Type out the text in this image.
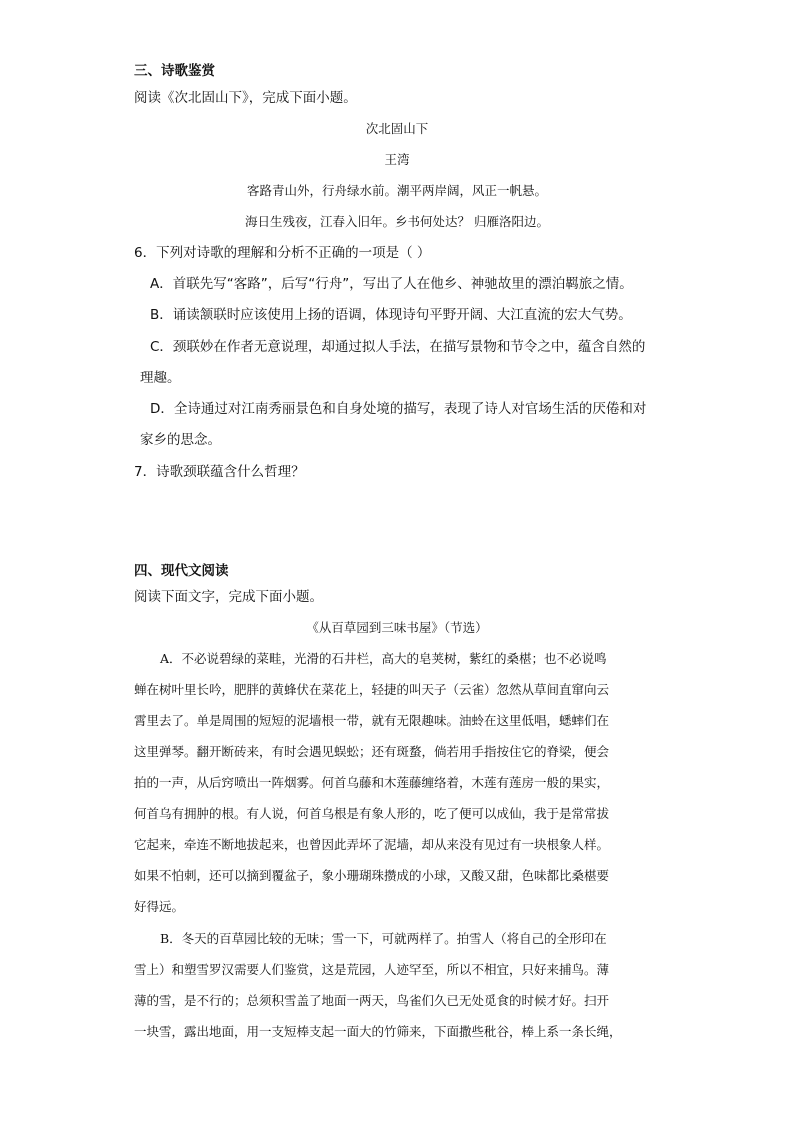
三、诗歌鉴赏
阅读《次北固山下》，完成下面小题。
次北固山下
王湾
客路青山外，行舟绿水前。潮平两岸阔，风正一帆悬。
海日生残夜，江春入旧年。乡书何处达？ 归雁洛阳边。
6．下列对诗歌的理解和分析不正确的一项是（ ）
A．首联先写“客路”，后写“行舟”，写出了人在他乡、神驰故里的漂泊羁旅之情。
B．诵读颔联时应该使用上扬的语调，体现诗句平野开阔、大江直流的宏大气势。
C．颈联妙在作者无意说理，却通过拟人手法，在描写景物和节令之中，蕴含自然的
理趣。
D．全诗通过对江南秀丽景色和自身处境的描写，表现了诗人对官场生活的厌倦和对
家乡的思念。
7．诗歌颈联蕴含什么哲理？
四、现代文阅读
阅读下面文字，完成下面小题。
《从百草园到三味书屋》（节选）
A．不必说碧绿的菜畦，光滑的石井栏，高大的皂荚树，紫红的桑椹；也不必说鸣
蝉在树叶里长吟，肥胖的黄蜂伏在菜花上，轻捷的叫天子（云雀）忽然从草间直窜向云
霄里去了。单是周围的短短的泥墙根一带，就有无限趣味。油蛉在这里低唱，蟋蟀们在
这里弹琴。翻开断砖来，有时会遇见蜈蚣；还有斑蝥，倘若用手指按住它的脊梁，便会
拍的一声，从后窍喷出一阵烟雾。何首乌藤和木莲藤缠络着，木莲有莲房一般的果实，
何首乌有拥肿的根。有人说，何首乌根是有象人形的，吃了便可以成仙，我于是常常拔
它起来，牵连不断地拔起来，也曾因此弄坏了泥墙，却从来没有见过有一块根象人样。
如果不怕刺，还可以摘到覆盆子，象小珊瑚珠攒成的小球，又酸又甜，色味都比桑椹要
好得远。
B．冬天的百草园比较的无味；雪一下，可就两样了。拍雪人（将自己的全形印在
雪上）和塑雪罗汉需要人们鉴赏，这是荒园，人迹罕至，所以不相宜，只好来捕鸟。薄
薄的雪，是不行的；总须积雪盖了地面一两天，鸟雀们久已无处觅食的时候才好。扫开
一块雪，露出地面，用一支短棒支起一面大的竹筛来，下面撒些秕谷，棒上系一条长绳，
